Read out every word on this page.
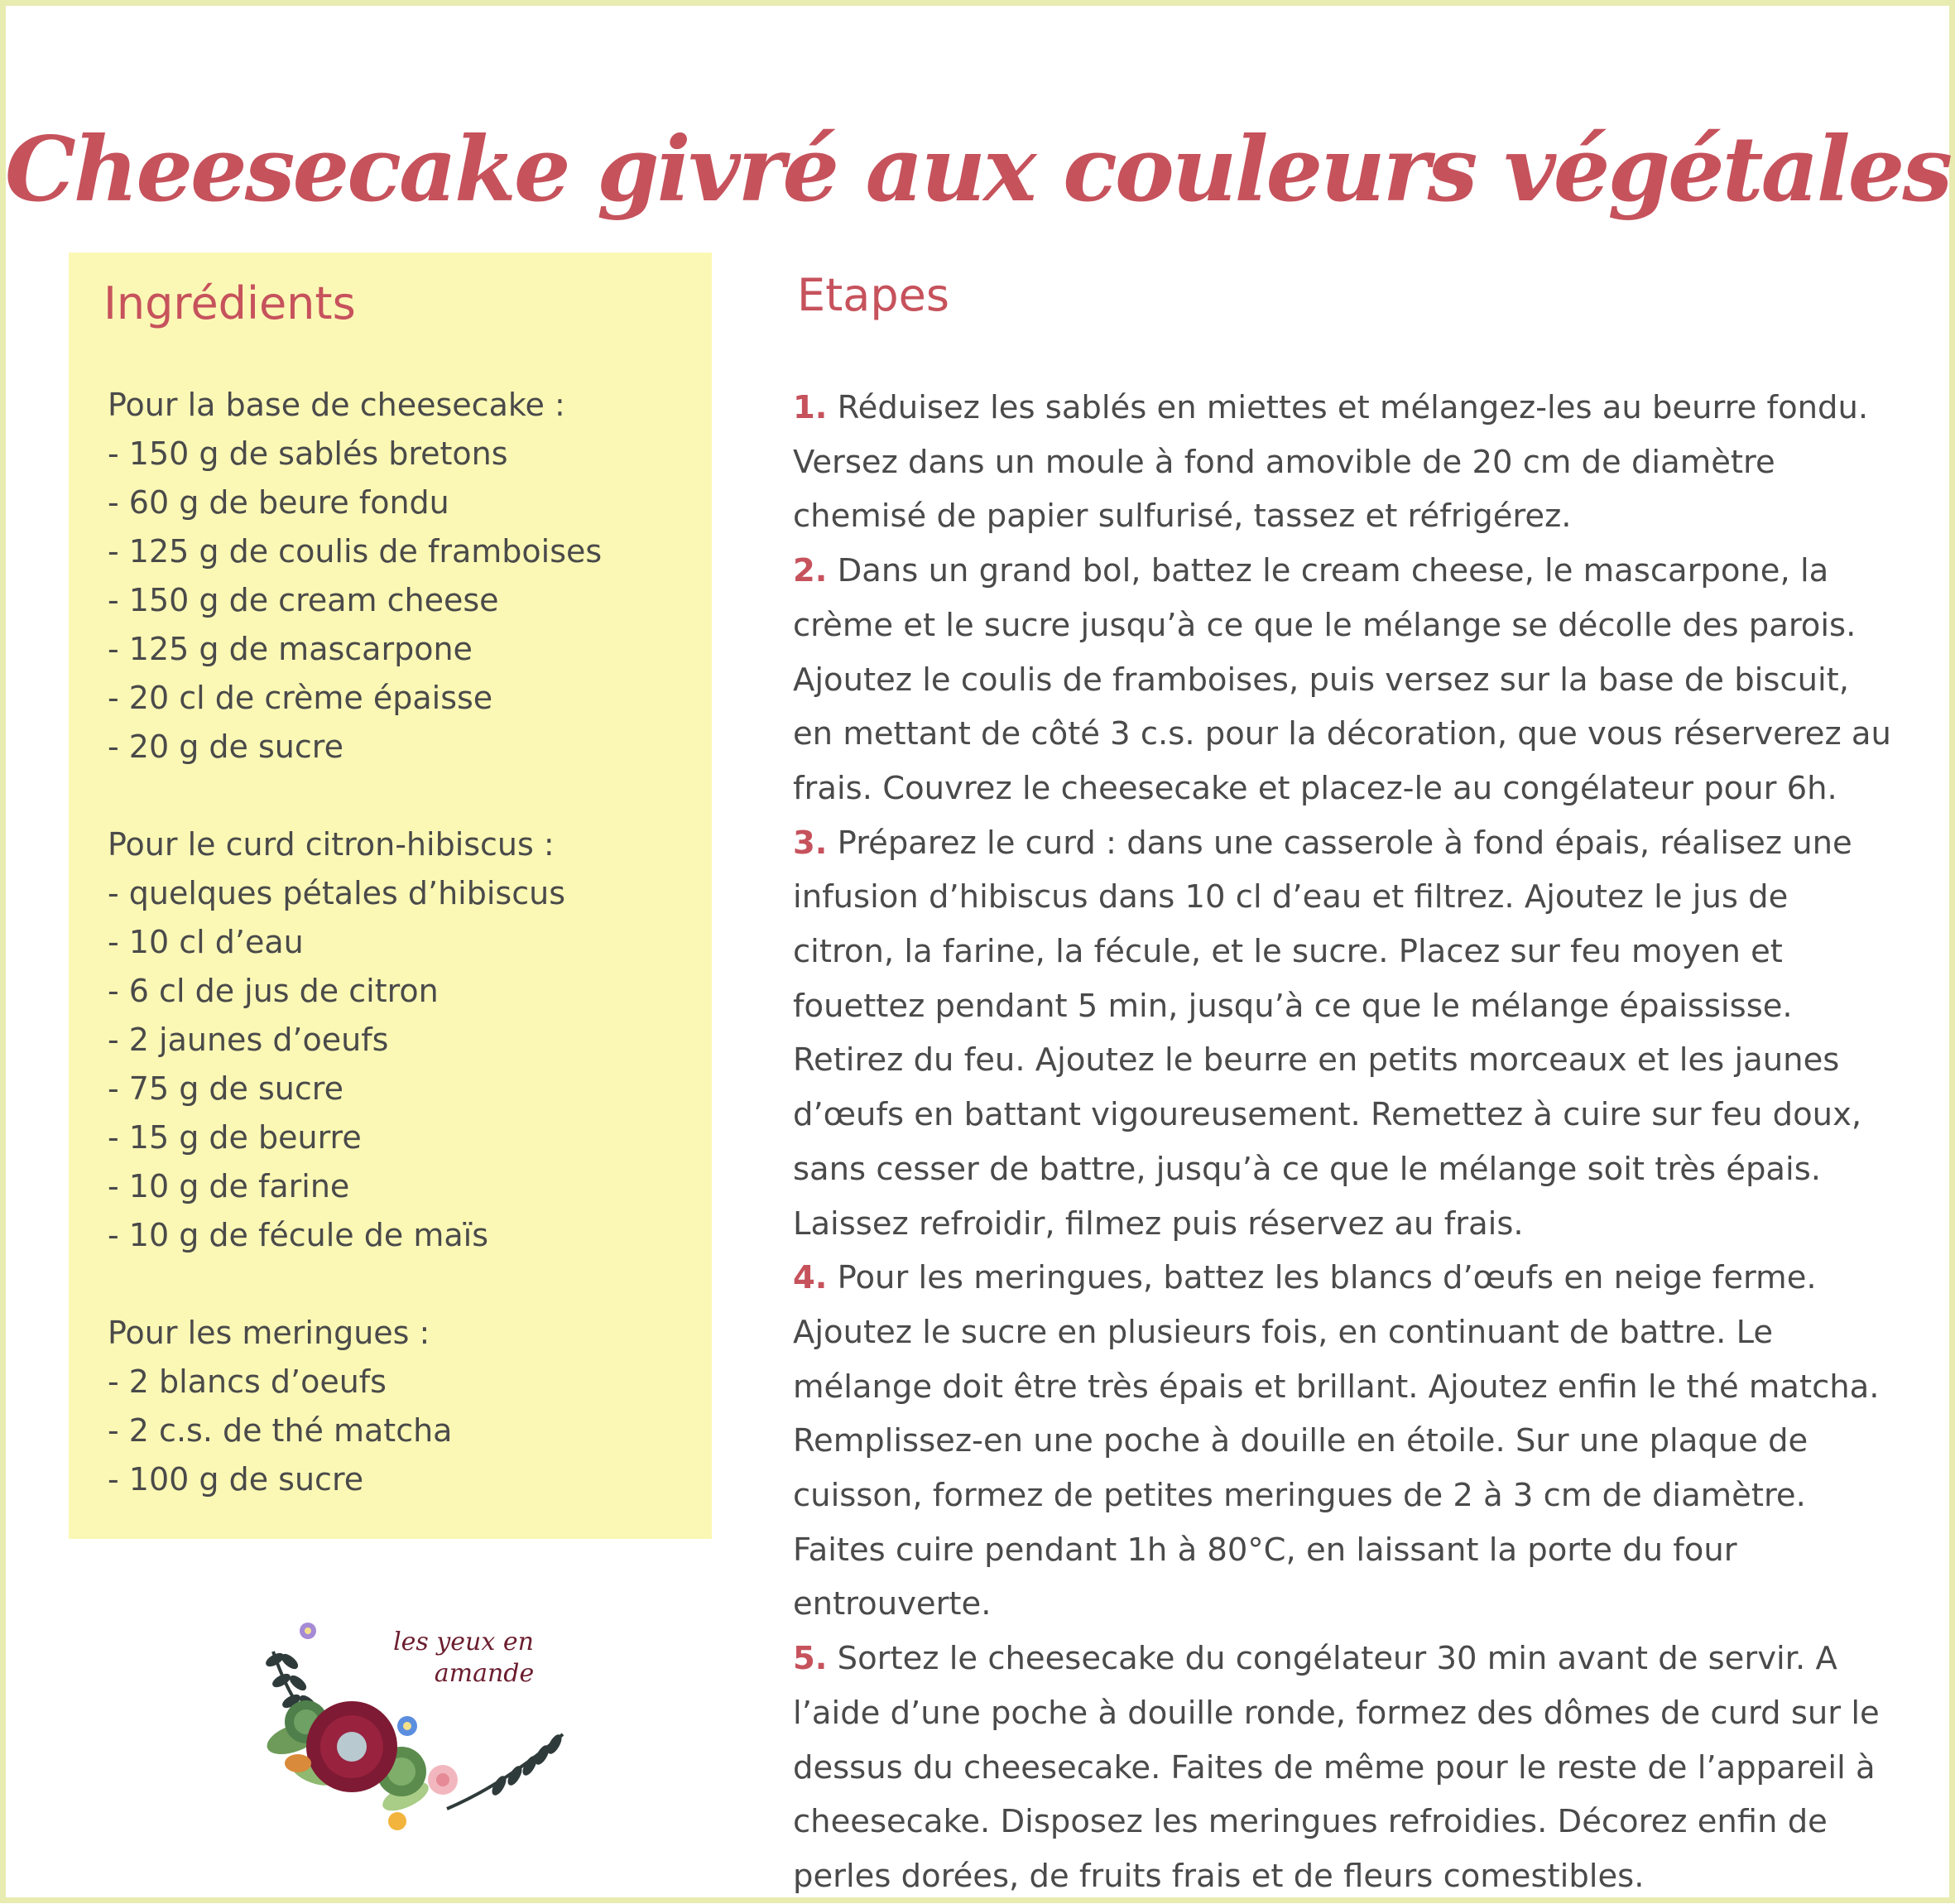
Cheesecake givré aux couleurs végétales
Ingrédients
Pour la base de cheesecake :
- 150 g de sablés bretons
- 60 g de beure fondu
- 125 g de coulis de framboises
- 150 g de cream cheese
- 125 g de mascarpone
- 20 cl de crème épaisse
- 20 g de sucre
Pour le curd citron-hibiscus :
- quelques pétales d’hibiscus
- 10 cl d’eau
- 6 cl de jus de citron
- 2 jaunes d’oeufs
- 75 g de sucre
- 15 g de beurre
- 10 g de farine
- 10 g de fécule de maïs
Pour les meringues :
- 2 blancs d’oeufs
- 2 c.s. de thé matcha
- 100 g de sucre
Etapes
1. Réduisez les sablés en miettes et mélangez-les au beurre fondu. Versez dans un moule à fond amovible de 20 cm de diamètre chemisé de papier sulfurisé, tassez et réfrigérez.
2. Dans un grand bol, battez le cream cheese, le mascarpone, la crème et le sucre jusqu’à ce que le mélange se décolle des parois. Ajoutez le coulis de framboises, puis versez sur la base de biscuit, en mettant de côté 3 c.s. pour la décoration, que vous réserverez au frais. Couvrez le cheesecake et placez-le au congélateur pour 6h.
3. Préparez le curd : dans une casserole à fond épais, réalisez une infusion d’hibiscus dans 10 cl d’eau et filtrez. Ajoutez le jus de citron, la farine, la fécule, et le sucre. Placez sur feu moyen et fouettez pendant 5 min, jusqu’à ce que le mélange épaississe. Retirez du feu. Ajoutez le beurre en petits morceaux et les jaunes d’œufs en battant vigoureusement. Remettez à cuire sur feu doux, sans cesser de battre, jusqu’à ce que le mélange soit très épais. Laissez refroidir, filmez puis réservez au frais.
4. Pour les meringues, battez les blancs d’œufs en neige ferme. Ajoutez le sucre en plusieurs fois, en continuant de battre. Le mélange doit être très épais et brillant. Ajoutez enfin le thé matcha. Remplissez-en une poche à douille en étoile. Sur une plaque de cuisson, formez de petites meringues de 2 à 3 cm de diamètre. Faites cuire pendant 1h à 80°C, en laissant la porte du four entrouverte.
5. Sortez le cheesecake du congélateur 30 min avant de servir. A l’aide d’une poche à douille ronde, formez des dômes de curd sur le dessus du cheesecake. Faites de même pour le reste de l’appareil à cheesecake. Disposez les meringues refroidies. Décorez enfin de perles dorées, de fruits frais et de fleurs comestibles.
les yeux en
amande
